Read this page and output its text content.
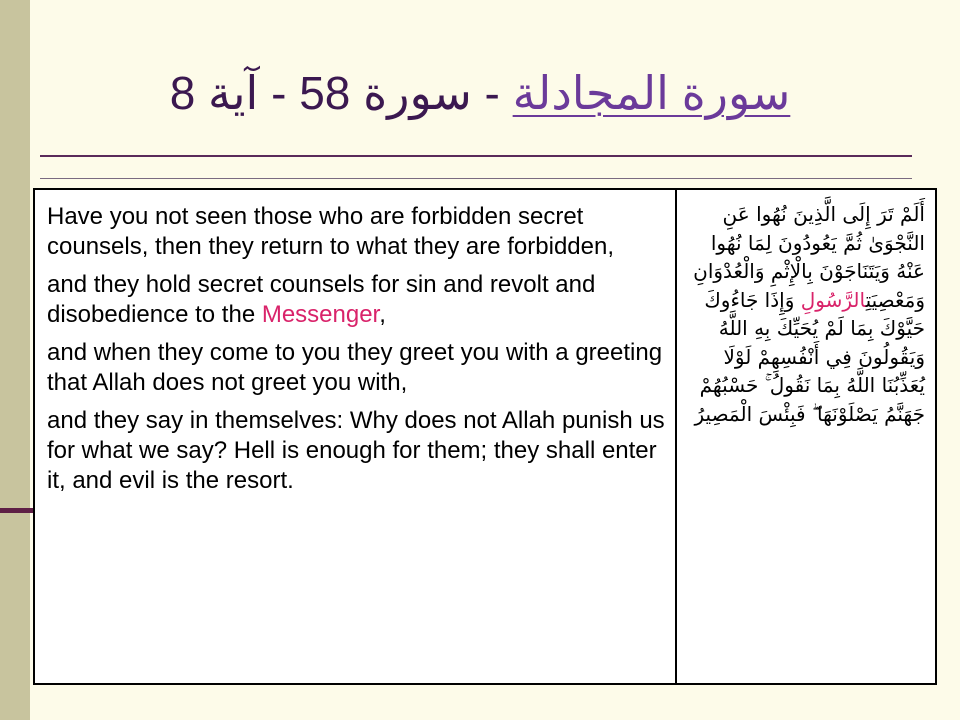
سورة المجادلة - سورة 58 - آية 8

Have you not seen those who are forbidden secret counsels, then they return to what they are forbidden,

and they hold secret counsels for sin and revolt and disobedience to the Messenger,

and when they come to you they greet you with a greeting that Allah does not greet you with,

and they say in themselves: Why does not Allah punish us for what we say? Hell is enough for them; they shall enter it, and evil is the resort.

أَلَمْ تَرَ إِلَى الَّذِينَ نُهُوا عَنِ النَّجْوَىٰ ثُمَّ يَعُودُونَ لِمَا نُهُوا عَنْهُ وَيَتَنَاجَوْنَ بِالْإِثْمِ وَالْعُدْوَانِ وَمَعْصِيَتِالرَّسُولِ وَإِذَا جَاءُوكَ حَيَّوْكَ بِمَا لَمْ يُحَيِّكَ بِهِ اللَّهُ وَيَقُولُونَ فِي أَنْفُسِهِمْ لَوْلَا يُعَذِّبُنَا اللَّهُ بِمَا نَقُولُ ۚ حَسْبُهُمْ جَهَنَّمُ يَصْلَوْنَهَا ۖ فَبِئْسَ الْمَصِيرُ
